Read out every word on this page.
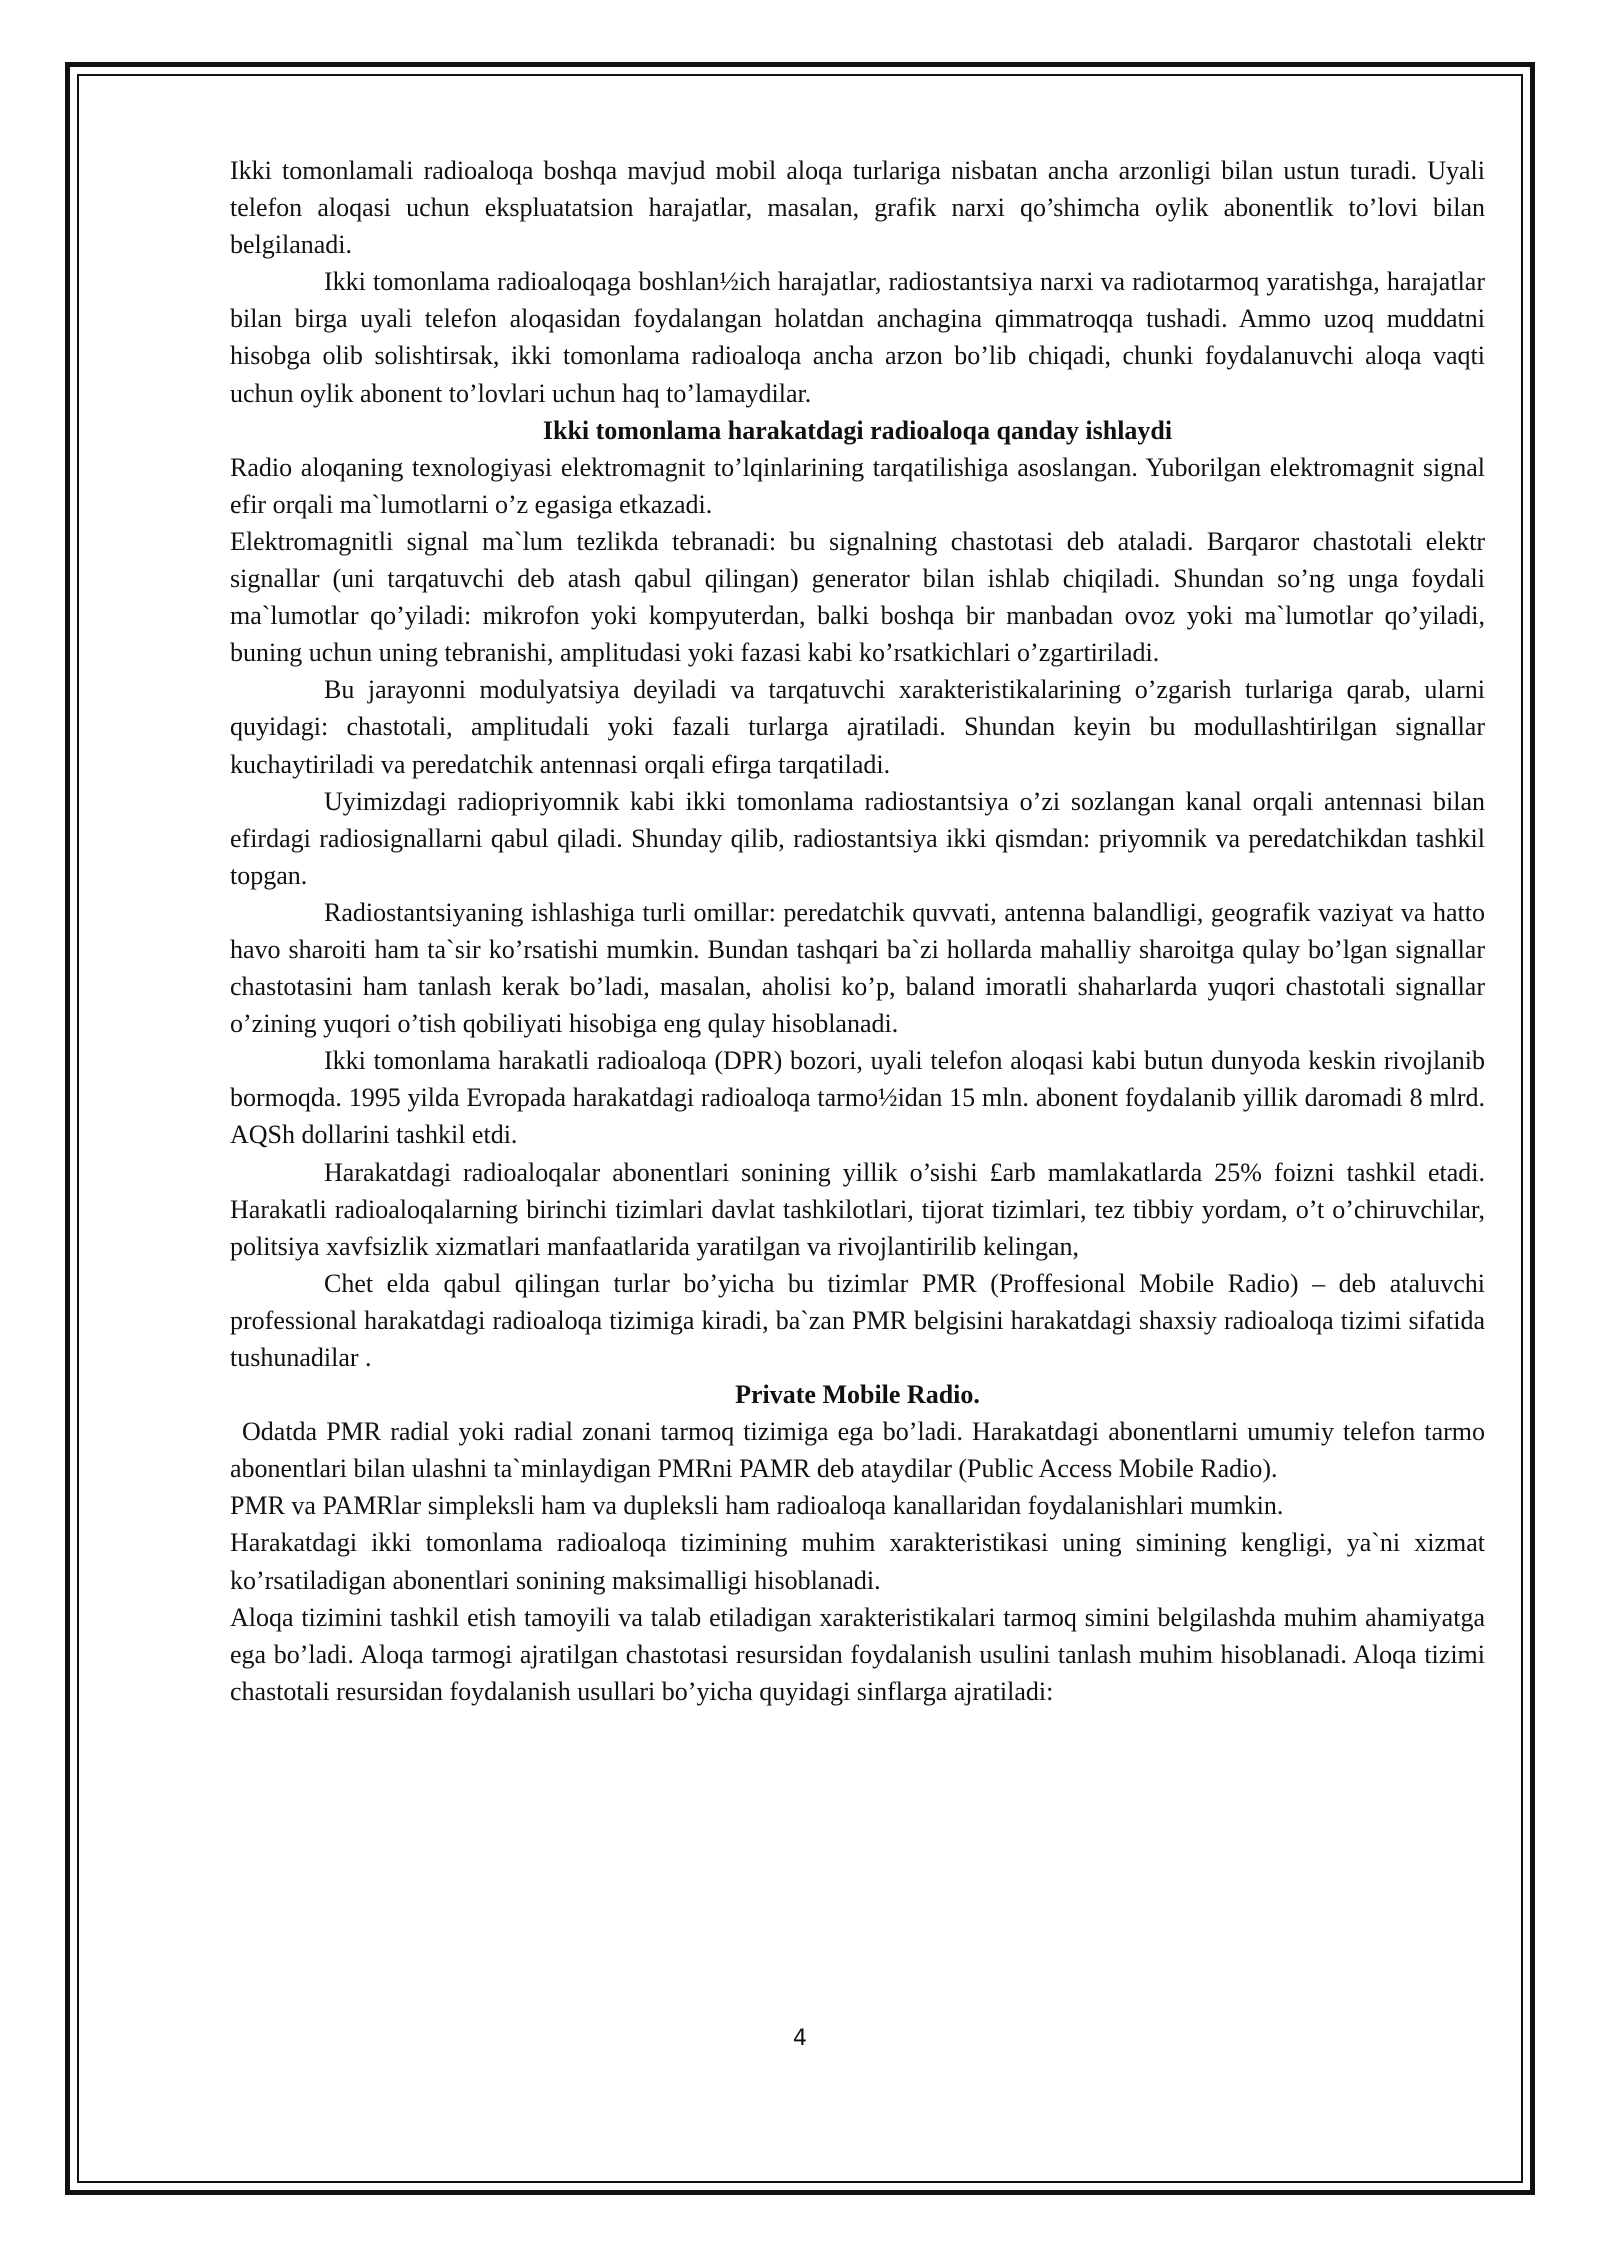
Ikki tomonlamali radioaloqa boshqa mavjud mobil aloqa turlariga nisbatan ancha arzonligi bilan ustun turadi. Uyali telefon aloqasi uchun ekspluatatsion harajatlar, masalan, grafik narxi qo’shimcha oylik abonentlik to’lovi bilan belgilanadi.

Ikki tomonlama radioaloqaga boshlan½ich harajatlar, radiostantsiya narxi va radiotarmoq yaratishga, harajatlar bilan birga uyali telefon aloqasidan foydalangan holatdan anchagina qimmatroqqa tushadi. Ammo uzoq muddatni hisobga olib solishtirsak, ikki tomonlama radioaloqa ancha arzon bo’lib chiqadi, chunki foydalanuvchi aloqa vaqti uchun oylik abonent to’lovlari uchun haq to’lamaydilar.

Ikki tomonlama harakatdagi radioaloqa qanday ishlaydi

Radio aloqaning texnologiyasi elektromagnit to’lqinlarining tarqatilishiga asoslangan. Yuborilgan elektromagnit signal efir orqali ma`lumotlarni o’z egasiga etkazadi.

Elektromagnitli signal ma`lum tezlikda tebranadi: bu signalning chastotasi deb ataladi. Barqaror chastotali elektr signallar (uni tarqatuvchi deb atash qabul qilingan) generator bilan ishlab chiqiladi. Shundan so’ng unga foydali ma`lumotlar qo’yiladi: mikrofon yoki kompyuterdan, balki boshqa bir manbadan ovoz yoki ma`lumotlar qo’yiladi, buning uchun uning tebranishi, amplitudasi yoki fazasi kabi ko’rsatkichlari o’zgartiriladi.

Bu jarayonni modulyatsiya deyiladi va tarqatuvchi xarakteristikalarining o’zgarish turlariga qarab, ularni quyidagi: chastotali, amplitudali yoki fazali turlarga ajratiladi. Shundan keyin bu modullashtirilgan signallar kuchaytiriladi va peredatchik antennasi orqali efirga tarqatiladi.

Uyimizdagi radiopriyomnik kabi ikki tomonlama radiostantsiya o’zi sozlangan kanal orqali antennasi bilan efirdagi radiosignallarni qabul qiladi. Shunday qilib, radiostantsiya ikki qismdan: priyomnik va peredatchikdan tashkil topgan.

Radiostantsiyaning ishlashiga turli omillar: peredatchik quvvati, antenna balandligi, geografik vaziyat va hatto havo sharoiti ham ta`sir ko’rsatishi mumkin. Bundan tashqari ba`zi hollarda mahalliy sharoitga qulay bo’lgan signallar chastotasini ham tanlash kerak bo’ladi, masalan, aholisi ko’p, baland imoratli shaharlarda yuqori chastotali signallar o’zining yuqori o’tish qobiliyati hisobiga eng qulay hisoblanadi.

Ikki tomonlama harakatli radioaloqa (DPR) bozori, uyali telefon aloqasi kabi butun dunyoda keskin rivojlanib bormoqda. 1995 yilda Evropada harakatdagi radioaloqa tarmo½idan 15 mln. abonent foydalanib yillik daromadi 8 mlrd. AQSh dollarini tashkil etdi.

Harakatdagi radioaloqalar abonentlari sonining yillik o’sishi £arb mamlakatlarda 25% foizni tashkil etadi. Harakatli radioaloqalarning birinchi tizimlari davlat tashkilotlari, tijorat tizimlari, tez tibbiy yordam, o’t o’chiruvchilar, politsiya xavfsizlik xizmatlari manfaatlarida yaratilgan va rivojlantirilib kelingan,

Chet elda qabul qilingan turlar bo’yicha bu tizimlar PMR (Proffesional Mobile Radio) – deb ataluvchi professional harakatdagi radioaloqa tizimiga kiradi, ba`zan PMR belgisini harakatdagi shaxsiy radioaloqa tizimi sifatida tushunadilar .

Private Mobile Radio.

Odatda PMR radial yoki radial zonani tarmoq tizimiga ega bo’ladi. Harakatdagi abonentlarni umumiy telefon tarmo abonentlari bilan ulashni ta`minlaydigan PMRni PAMR deb ataydilar (Public Access Mobile Radio).

PMR va PAMRlar simpleksli ham va dupleksli ham radioaloqa kanallaridan foydalanishlari mumkin.

Harakatdagi ikki tomonlama radioaloqa tizimining muhim xarakteristikasi uning simining kengligi, ya`ni xizmat ko’rsatiladigan abonentlari sonining maksimalligi hisoblanadi.

Aloqa tizimini tashkil etish tamoyili va talab etiladigan xarakteristikalari tarmoq simini belgilashda muhim ahamiyatga ega bo’ladi. Aloqa tarmogi ajratilgan chastotasi resursidan foydalanish usulini tanlash muhim hisoblanadi. Aloqa tizimi chastotali resursidan foydalanish usullari bo’yicha quyidagi sinflarga ajratiladi:

4
